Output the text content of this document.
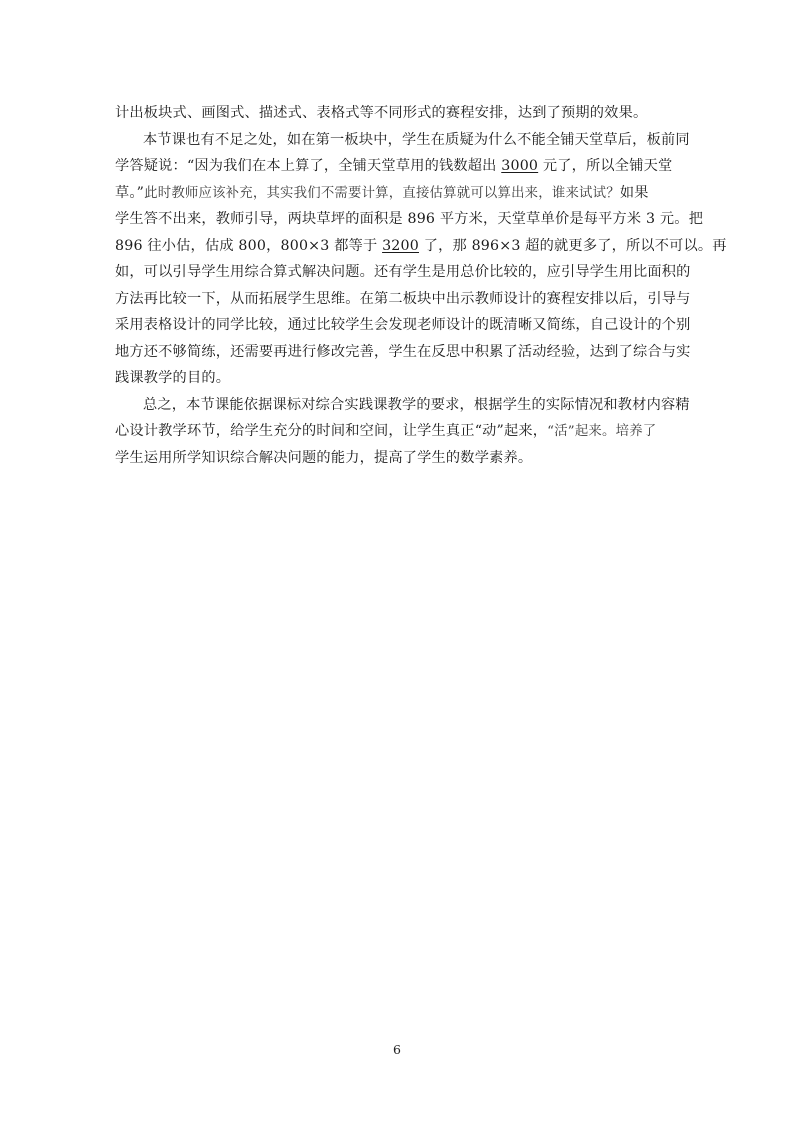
计出板块式、画图式、描述式、表格式等不同形式的赛程安排，达到了预期的效果。
本节课也有不足之处，如在第一板块中，学生在质疑为什么不能全铺天堂草后，板前同
学答疑说：“因为我们在本上算了，全铺天堂草用的钱数超出 3000 元了，所以全铺天堂
草。”此时教师应该补充，其实我们不需要计算，直接估算就可以算出来，谁来试试？如果
学生答不出来，教师引导，两块草坪的面积是 896 平方米，天堂草单价是每平方米 3 元。把
896 往小估，估成 800，800×3 都等于 3200 了，那 896×3 超的就更多了，所以不可以。再
如，可以引导学生用综合算式解决问题。还有学生是用总价比较的，应引导学生用比面积的
方法再比较一下，从而拓展学生思维。在第二板块中出示教师设计的赛程安排以后，引导与
采用表格设计的同学比较，通过比较学生会发现老师设计的既清晰又简练，自己设计的个别
地方还不够简练，还需要再进行修改完善，学生在反思中积累了活动经验，达到了综合与实
践课教学的目的。
总之，本节课能依据课标对综合实践课教学的要求，根据学生的实际情况和教材内容精
心设计教学环节，给学生充分的时间和空间，让学生真正“动”起来，“活”起来。培养了
学生运用所学知识综合解决问题的能力，提高了学生的数学素养。
6
